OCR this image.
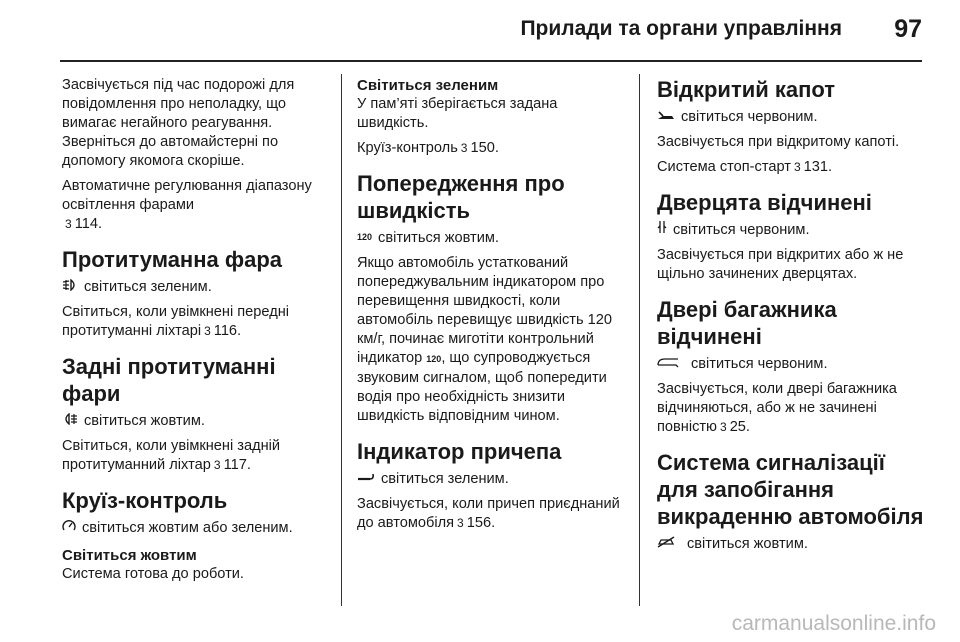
Прилади та органи управління 97

Засвічується під час подорожі для повідомлення про неполадку, що вимагає негайного реагування. Звернiться до автомайстерні по допомогу якомога скоріше.

Автоматичне регулювання діапазону освітлення фарами
3 114.

Протитуманна фара

світиться зеленим.

Світиться, коли увімкнені передні протитуманні лiхтарі 3 116.

Задні протитуманні фари

світиться жовтим.

Світиться, коли увімкнені задній протитуманний лiхтар 3 117.

Круїз-контроль

світиться жовтим або зеленим.

Світиться жовтим

Система готова до роботи.

Світиться зеленим

У пам’яті зберігається задана швидкість.

Круїз-контроль 3 150.

Попередження про швидкість

120 світиться жовтим.

Якщо автомобіль устаткований попереджувальним iндикатором про перевищення швидкості, коли автомобіль перевищує швидкість 120 км/г, починає миготіти контрольний iндикатор 120, що супроводжується звуковим сигналом, щоб попередити водія про необхідність знизити швидкість відповідним чином.

Індикатор причепа

світиться зеленим.

Засвічується, коли причеп приєднаний до автомобіля 3 156.

Відкритий капот

світиться червоним.

Засвічується при відкритому капоті.

Система стоп-старт 3 131.

Дверцята відчинені

світиться червоним.

Засвічується при відкритих або ж не щільно зачинених дверцятах.

Двері багажника відчинені

світиться червоним.

Засвічується, коли двері багажника відчиняються, або ж не зачинені повністю 3 25.

Система сигналізації для запобігання викраденню автомобіля

світиться жовтим.

carmanualsonline.info
